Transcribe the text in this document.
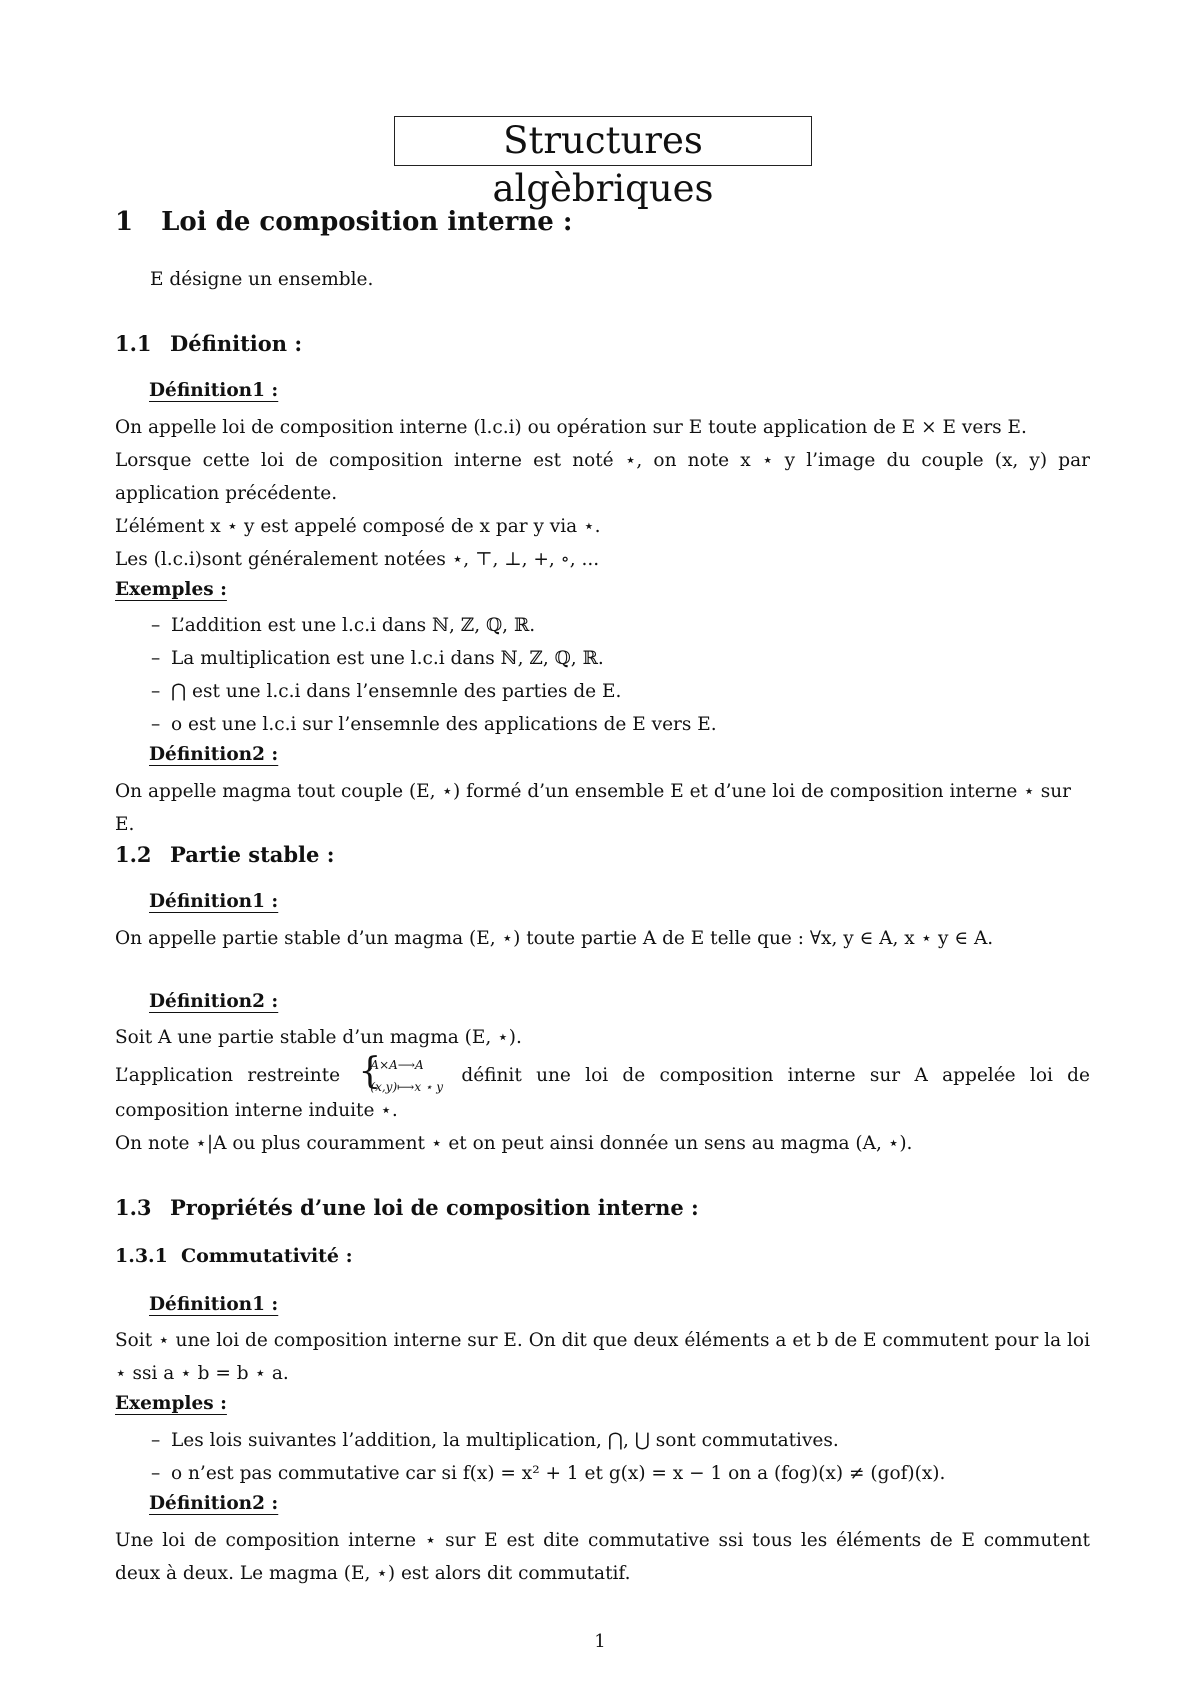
Structures algèbriques
1 Loi de composition interne :
E désigne un ensemble.
1.1 Définition :
Définition1 :
On appelle loi de composition interne (l.c.i) ou opération sur E toute application de E × E vers E.
Lorsque cette loi de composition interne est noté ⋆, on note x ⋆ y l’image du couple (x, y) par application précédente.
L’élément x ⋆ y est appelé composé de x par y via ⋆.
Les (l.c.i)sont généralement notées ⋆, ⊤, ⊥, +, ∘, ...
Exemples :
– L’addition est une l.c.i dans ℕ, ℤ, ℚ, ℝ.
– La multiplication est une l.c.i dans ℕ, ℤ, ℚ, ℝ.
– ⋂ est une l.c.i dans l’ensemnle des parties de E.
– o est une l.c.i sur l’ensemnle des applications de E vers E.
Définition2 :
On appelle magma tout couple (E, ⋆) formé d’un ensemble E et d’une loi de composition interne ⋆ sur E.
1.2 Partie stable :
Définition1 :
On appelle partie stable d’un magma (E, ⋆) toute partie A de E telle que : ∀x, y ∈ A, x ⋆ y ∈ A.
Définition2 :
Soit A une partie stable d’un magma (E, ⋆).
L’application restreinte {
A×A⟶A
(x,y)⟼x ⋆ y
définit une loi de composition interne sur A appelée loi de composition interne induite ⋆.
On note ⋆|A ou plus couramment ⋆ et on peut ainsi donnée un sens au magma (A, ⋆).
1.3 Propriétés d’une loi de composition interne :
1.3.1 Commutativité :
Définition1 :
Soit ⋆ une loi de composition interne sur E. On dit que deux éléments a et b de E commutent pour la loi ⋆ ssi a ⋆ b = b ⋆ a.
Exemples :
– Les lois suivantes l’addition, la multiplication, ⋂, ⋃ sont commutatives.
– o n’est pas commutative car si f(x) = x² + 1 et g(x) = x − 1 on a (fog)(x) ≠ (gof)(x).
Définition2 :
Une loi de composition interne ⋆ sur E est dite commutative ssi tous les éléments de E commutent deux à deux. Le magma (E, ⋆) est alors dit commutatif.
1
